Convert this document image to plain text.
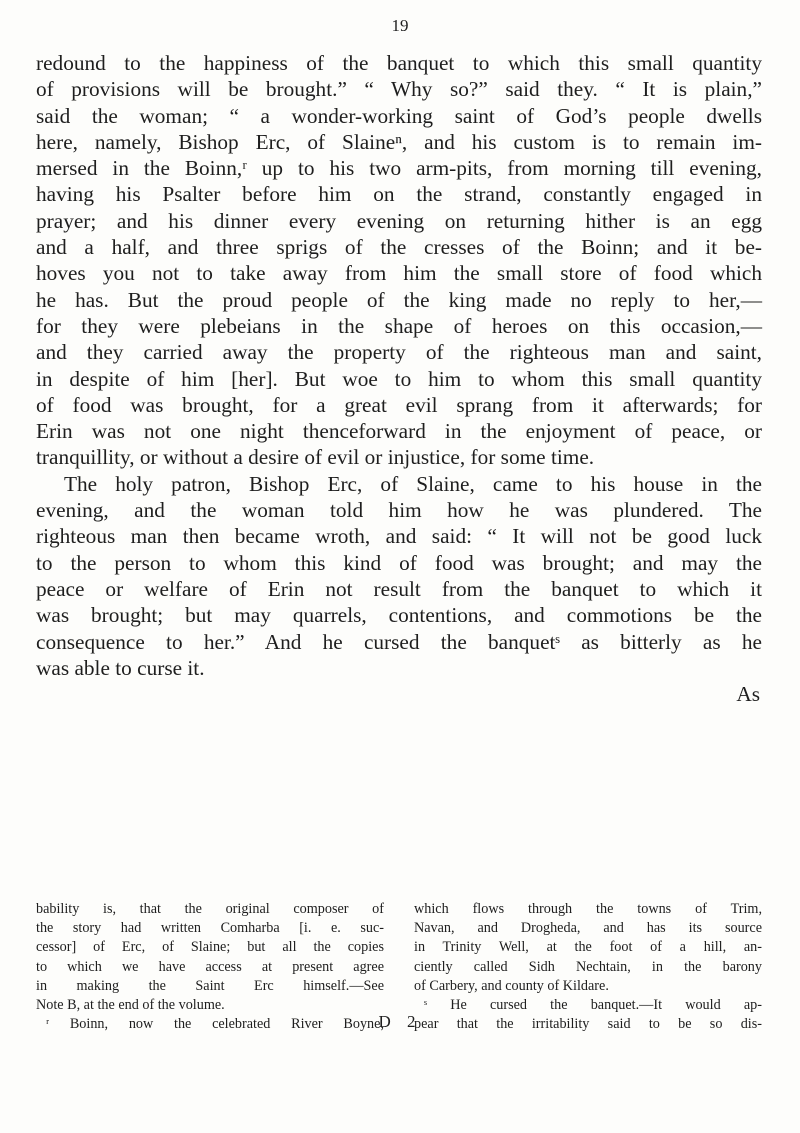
19
redound to the happiness of the banquet to which this small quantity
of provisions will be brought.” “ Why so?” said they. “ It is plain,”
said the woman; “ a wonder-working saint of God’s people dwells
here, namely, Bishop Erc, of Slaineⁿ, and his custom is to remain im-
mersed in the Boinn,ʳ up to his two arm-pits, from morning till evening,
having his Psalter before him on the strand, constantly engaged in
prayer; and his dinner every evening on returning hither is an egg
and a half, and three sprigs of the cresses of the Boinn; and it be-
hoves you not to take away from him the small store of food which
he has. But the proud people of the king made no reply to her,—
for they were plebeians in the shape of heroes on this occasion,—
and they carried away the property of the righteous man and saint,
in despite of him [her]. But woe to him to whom this small quantity
of food was brought, for a great evil sprang from it afterwards; for
Erin was not one night thenceforward in the enjoyment of peace, or
tranquillity, or without a desire of evil or injustice, for some time.
The holy patron, Bishop Erc, of Slaine, came to his house in the
evening, and the woman told him how he was plundered. The
righteous man then became wroth, and said: “ It will not be good luck
to the person to whom this kind of food was brought; and may the
peace or welfare of Erin not result from the banquet to which it
was brought; but may quarrels, contentions, and commotions be the
consequence to her.” And he cursed the banquetˢ as bitterly as he
was able to curse it.
As
bability is, that the original composer of
the story had written Comharba [i. e. suc-
cessor] of Erc, of Slaine; but all the copies
to which we have access at present agree
in making the Saint Erc himself.—See
Note B, at the end of the volume.
ʳ Boinn, now the celebrated River Boyne,
which flows through the towns of Trim,
Navan, and Drogheda, and has its source
in Trinity Well, at the foot of a hill, an-
ciently called Sidh Nechtain, in the barony
of Carbery, and county of Kildare.
ˢ He cursed the banquet.—It would ap-
pear that the irritability said to be so dis-
D 2
